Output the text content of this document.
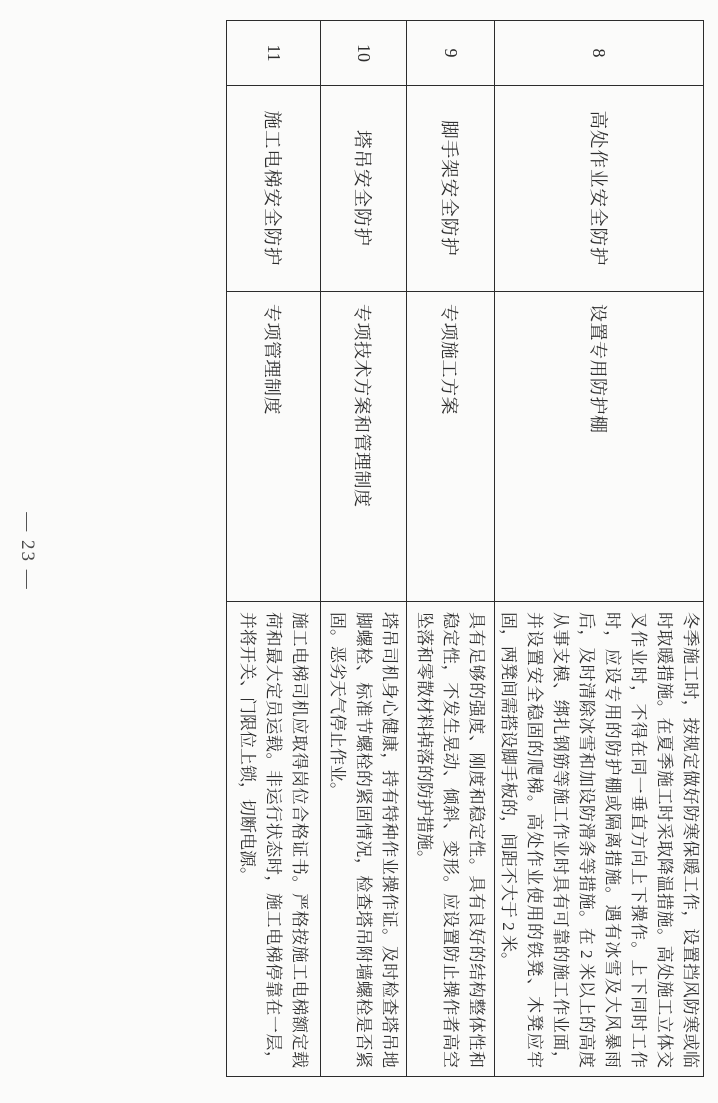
8
高处作业安全防护
设置专用防护棚
冬季施工时，按规定做好防寒保暖工作，设置挡风防寒或临时取暖措施。在夏季施工时采取降温措施。高处施工立体交叉作业时，不得在同一垂直方向上下操作。上下同时工作时，应设专用的防护棚或隔离措施。遇有冰雪及大风暴雨后，及时清除冰雪和加设防滑条等措施。在 2 米以上的高度从事支模、绑扎钢筋等施工作业时具有可靠的施工作业面，并设置安全稳固的爬梯。高处作业使用的铁凳、木凳应牢固，两凳间需搭设脚手板的，间距不大于 2 米。
9
脚手架安全防护
专项施工方案
具有足够的强度、刚度和稳定性。具有良好的结构整体性和稳定性，不发生晃动、倾斜、变形。应设置防止操作者高空坠落和零散材料掉落的防护措施。
10
塔吊安全防护
专项技术方案和管理制度
塔吊司机身心健康，持有特种作业操作证。及时检查塔吊地脚螺栓、标准节螺栓的紧固情况，检查塔吊附墙螺栓是否紧固。恶劣天气停止作业。
11
施工电梯安全防护
专项管理制度
施工电梯司机应取得岗位合格证书。严格按施工电梯额定载荷和最大定员运载。非运行状态时，施工电梯停靠在一层，并将开关、门限位上锁，切断电源。
— 23 —
